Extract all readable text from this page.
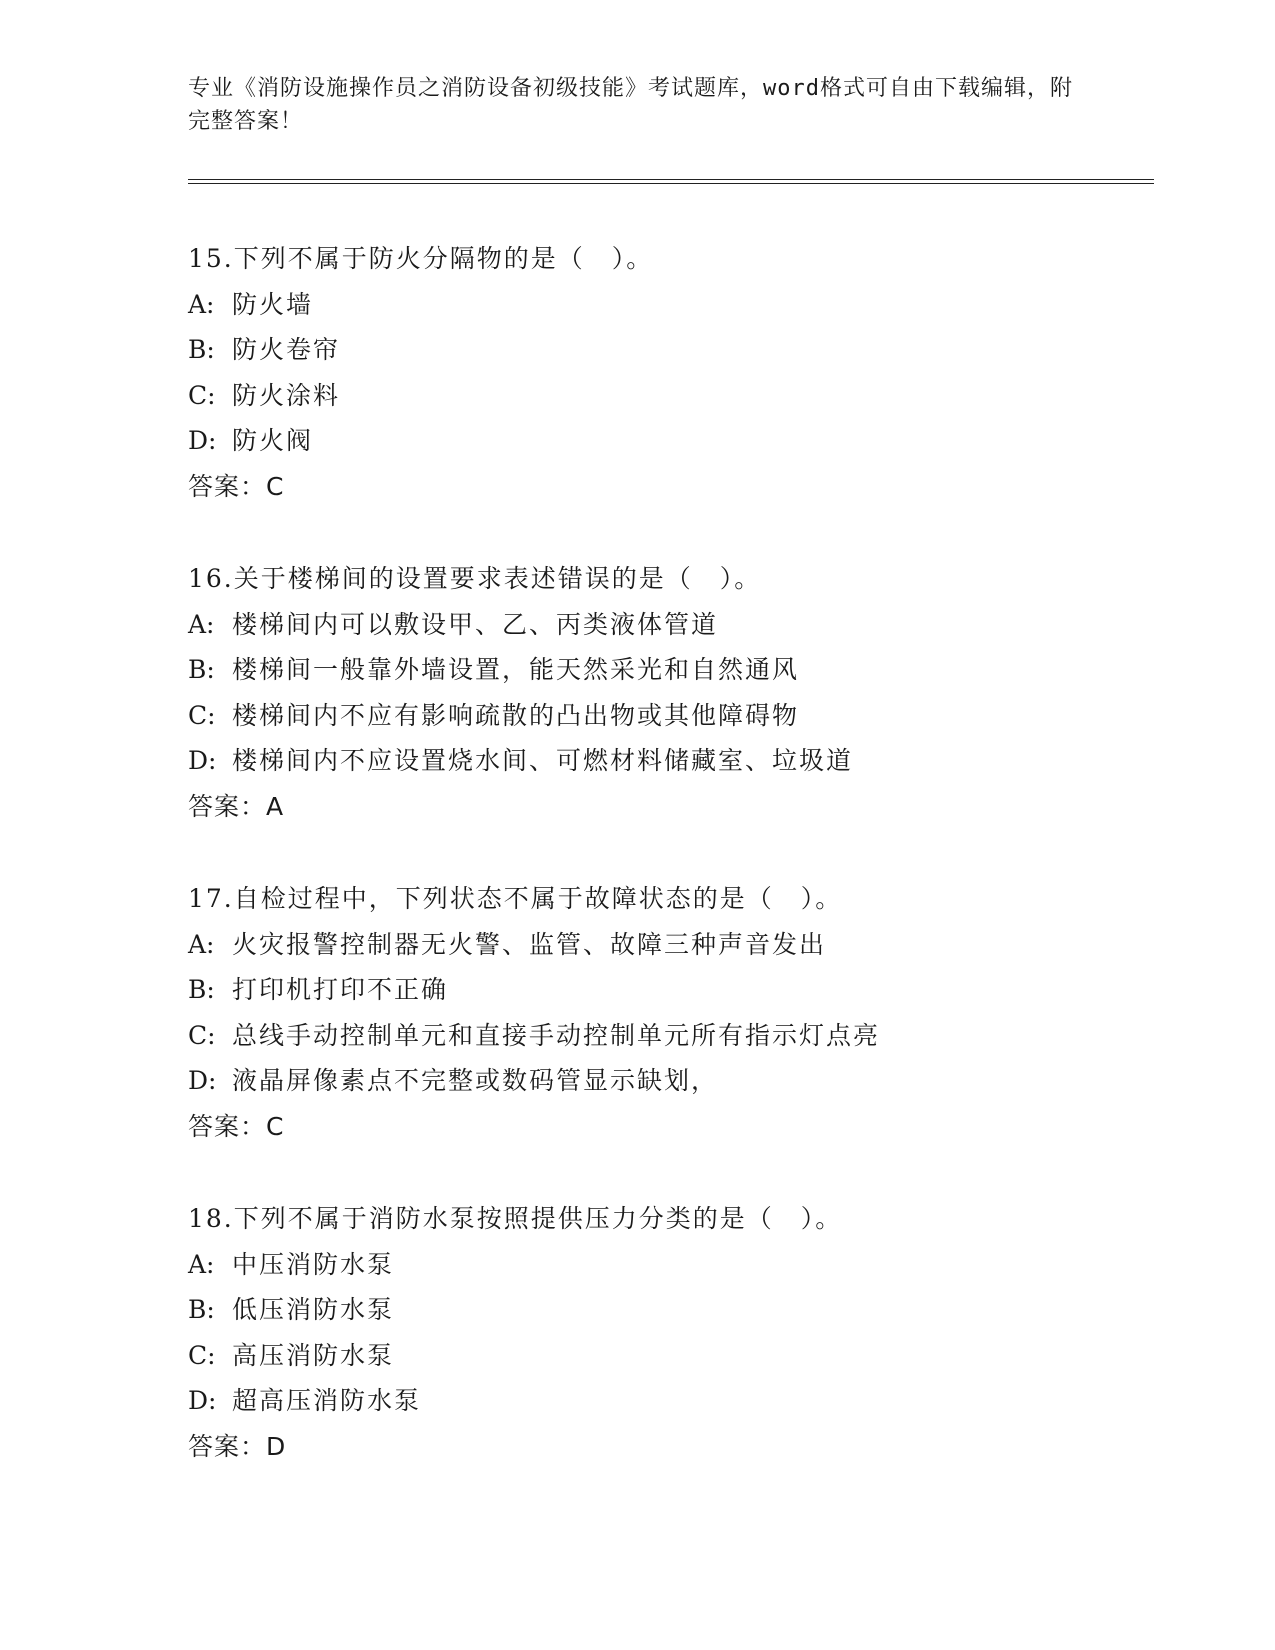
专业《消防设施操作员之消防设备初级技能》考试题库，word格式可自由下载编辑，附完整答案！
15.下列不属于防火分隔物的是（　）。
A: 防火墙
B: 防火卷帘
C: 防火涂料
D: 防火阀
答案：C
16.关于楼梯间的设置要求表述错误的是（　）。
A: 楼梯间内可以敷设甲、乙、丙类液体管道
B: 楼梯间一般靠外墙设置，能天然采光和自然通风
C: 楼梯间内不应有影响疏散的凸出物或其他障碍物
D: 楼梯间内不应设置烧水间、可燃材料储藏室、垃圾道
答案：A
17.自检过程中，下列状态不属于故障状态的是（　）。
A: 火灾报警控制器无火警、监管、故障三种声音发出
B: 打印机打印不正确
C: 总线手动控制单元和直接手动控制单元所有指示灯点亮
D: 液晶屏像素点不完整或数码管显示缺划，
答案：C
18.下列不属于消防水泵按照提供压力分类的是（　）。
A: 中压消防水泵
B: 低压消防水泵
C: 高压消防水泵
D: 超高压消防水泵
答案：D
